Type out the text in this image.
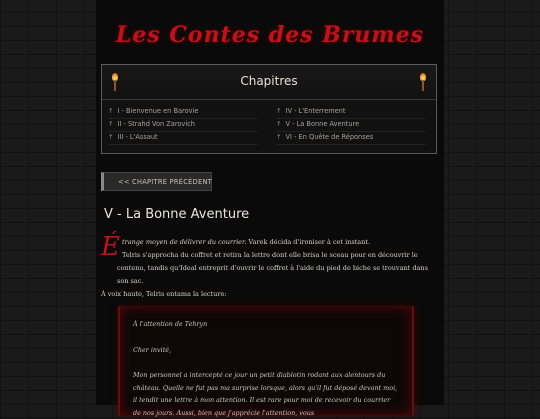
Les Contes des Brumes
Chapitres
↑ I - Bienvenue en Barovie
↑ II - Strahd Von Zarovich
↑ III - L'Assaut
↑ IV - L'Enterrement
↑ V - La Bonne Aventure
↑ VI - En Quête de Réponses
<< CHAPITRE PRÉCÉDENT
V - La Bonne Aventure

Étrange moyen de délivrer du courrier. Varek décida d'ironiser à cet instant.

Telris s'approcha du coffret et retira la lettre dont elle brisa le sceau pour en découvrir le contenu, tandis qu'Ideal entreprit d'ouvrir le coffret à l'aide du pied de biche se trouvant dans son sac.

À voix haute, Telris entama la lecture:

À l'attention de Tehryn

Cher invité,

Mon personnel a intercepté ce jour un petit diablotin rodant aux alentours du château. Quelle ne fut pas ma surprise lorsque, alors qu'il fut déposé devant moi, il tendit une lettre à mon attention. Il est rare pour moi de recevoir du courrier de nos jours. Aussi, bien que j'apprécie l'attention, vous
